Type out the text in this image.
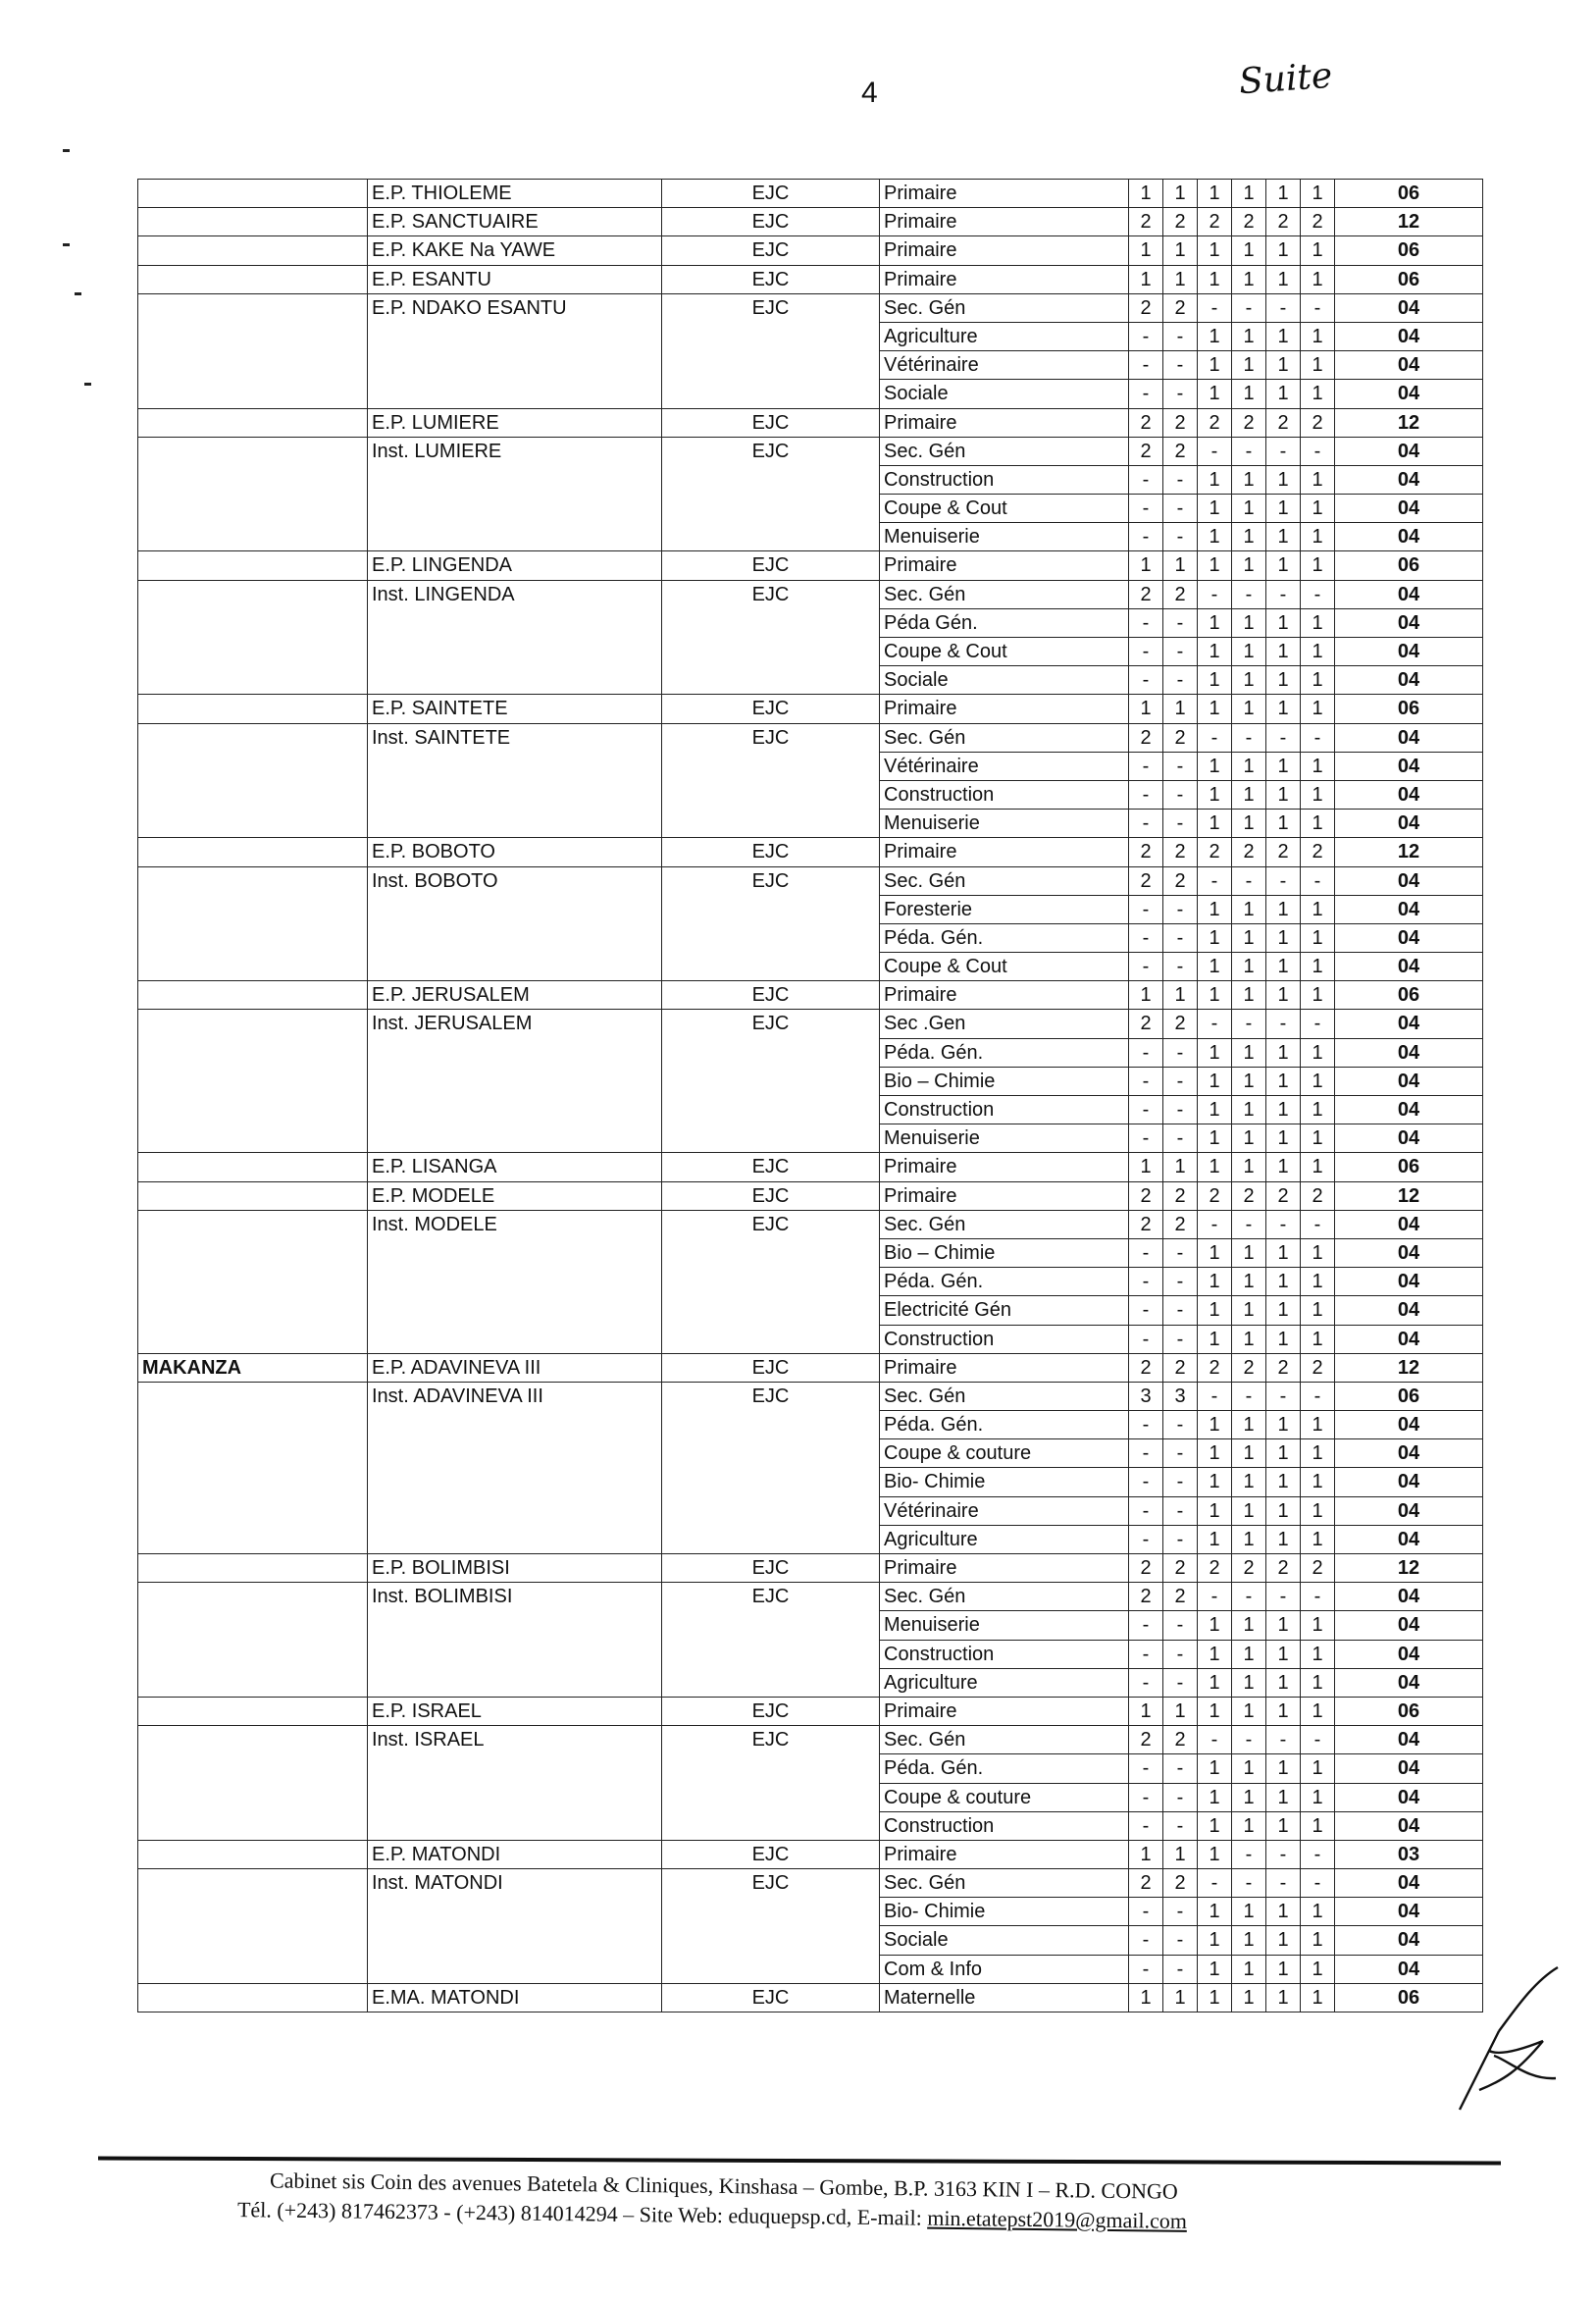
4	Suite
	E.P. THIOLEME	EJC	Primaire	1	1	1	1	1	1	06
	E.P. SANCTUAIRE	EJC	Primaire	2	2	2	2	2	2	12
	E.P. KAKE Na YAWE	EJC	Primaire	1	1	1	1	1	1	06
	E.P. ESANTU	EJC	Primaire	1	1	1	1	1	1	06
	E.P. NDAKO ESANTU	EJC	Sec. Gén	2	2	-	-	-	-	04
			Agriculture	-	-	1	1	1	1	04
			Vétérinaire	-	-	1	1	1	1	04
			Sociale	-	-	1	1	1	1	04
	E.P. LUMIERE	EJC	Primaire	2	2	2	2	2	2	12
	Inst. LUMIERE	EJC	Sec. Gén	2	2	-	-	-	-	04
			Construction	-	-	1	1	1	1	04
			Coupe & Cout	-	-	1	1	1	1	04
			Menuiserie	-	-	1	1	1	1	04
	E.P. LINGENDA	EJC	Primaire	1	1	1	1	1	1	06
	Inst. LINGENDA	EJC	Sec. Gén	2	2	-	-	-	-	04
			Péda Gén.	-	-	1	1	1	1	04
			Coupe & Cout	-	-	1	1	1	1	04
			Sociale	-	-	1	1	1	1	04
	E.P. SAINTETE	EJC	Primaire	1	1	1	1	1	1	06
	Inst. SAINTETE	EJC	Sec. Gén	2	2	-	-	-	-	04
			Vétérinaire	-	-	1	1	1	1	04
			Construction	-	-	1	1	1	1	04
			Menuiserie	-	-	1	1	1	1	04
	E.P. BOBOTO	EJC	Primaire	2	2	2	2	2	2	12
	Inst. BOBOTO	EJC	Sec. Gén	2	2	-	-	-	-	04
			Foresterie	-	-	1	1	1	1	04
			Péda. Gén.	-	-	1	1	1	1	04
			Coupe & Cout	-	-	1	1	1	1	04
	E.P. JERUSALEM	EJC	Primaire	1	1	1	1	1	1	06
	Inst. JERUSALEM	EJC	Sec .Gen	2	2	-	-	-	-	04
			Péda. Gén.	-	-	1	1	1	1	04
			Bio – Chimie	-	-	1	1	1	1	04
			Construction	-	-	1	1	1	1	04
			Menuiserie	-	-	1	1	1	1	04
	E.P. LISANGA	EJC	Primaire	1	1	1	1	1	1	06
	E.P. MODELE	EJC	Primaire	2	2	2	2	2	2	12
	Inst. MODELE	EJC	Sec. Gén	2	2	-	-	-	-	04
			Bio – Chimie	-	-	1	1	1	1	04
			Péda. Gén.	-	-	1	1	1	1	04
			Electricité Gén	-	-	1	1	1	1	04
			Construction	-	-	1	1	1	1	04
MAKANZA	E.P. ADAVINEVA III	EJC	Primaire	2	2	2	2	2	2	12
	Inst. ADAVINEVA III	EJC	Sec. Gén	3	3	-	-	-	-	06
			Péda. Gén.	-	-	1	1	1	1	04
			Coupe & couture	-	-	1	1	1	1	04
			Bio- Chimie	-	-	1	1	1	1	04
			Vétérinaire	-	-	1	1	1	1	04
			Agriculture	-	-	1	1	1	1	04
	E.P. BOLIMBISI	EJC	Primaire	2	2	2	2	2	2	12
	Inst. BOLIMBISI	EJC	Sec. Gén	2	2	-	-	-	-	04
			Menuiserie	-	-	1	1	1	1	04
			Construction	-	-	1	1	1	1	04
			Agriculture	-	-	1	1	1	1	04
	E.P. ISRAEL	EJC	Primaire	1	1	1	1	1	1	06
	Inst. ISRAEL	EJC	Sec. Gén	2	2	-	-	-	-	04
			Péda. Gén.	-	-	1	1	1	1	04
			Coupe & couture	-	-	1	1	1	1	04
			Construction	-	-	1	1	1	1	04
	E.P. MATONDI	EJC	Primaire	1	1	1	-	-	-	03
	Inst. MATONDI	EJC	Sec. Gén	2	2	-	-	-	-	04
			Bio- Chimie	-	-	1	1	1	1	04
			Sociale	-	-	1	1	1	1	04
			Com & Info	-	-	1	1	1	1	04
	E.MA. MATONDI	EJC	Maternelle	1	1	1	1	1	1	06
Cabinet sis Coin des avenues Batetela & Cliniques, Kinshasa – Gombe, B.P. 3163 KIN I – R.D. CONGO
Tél. (+243) 817462373 - (+243) 814014294 – Site Web: eduquepsp.cd, E-mail: min.etatepst2019@gmail.com
